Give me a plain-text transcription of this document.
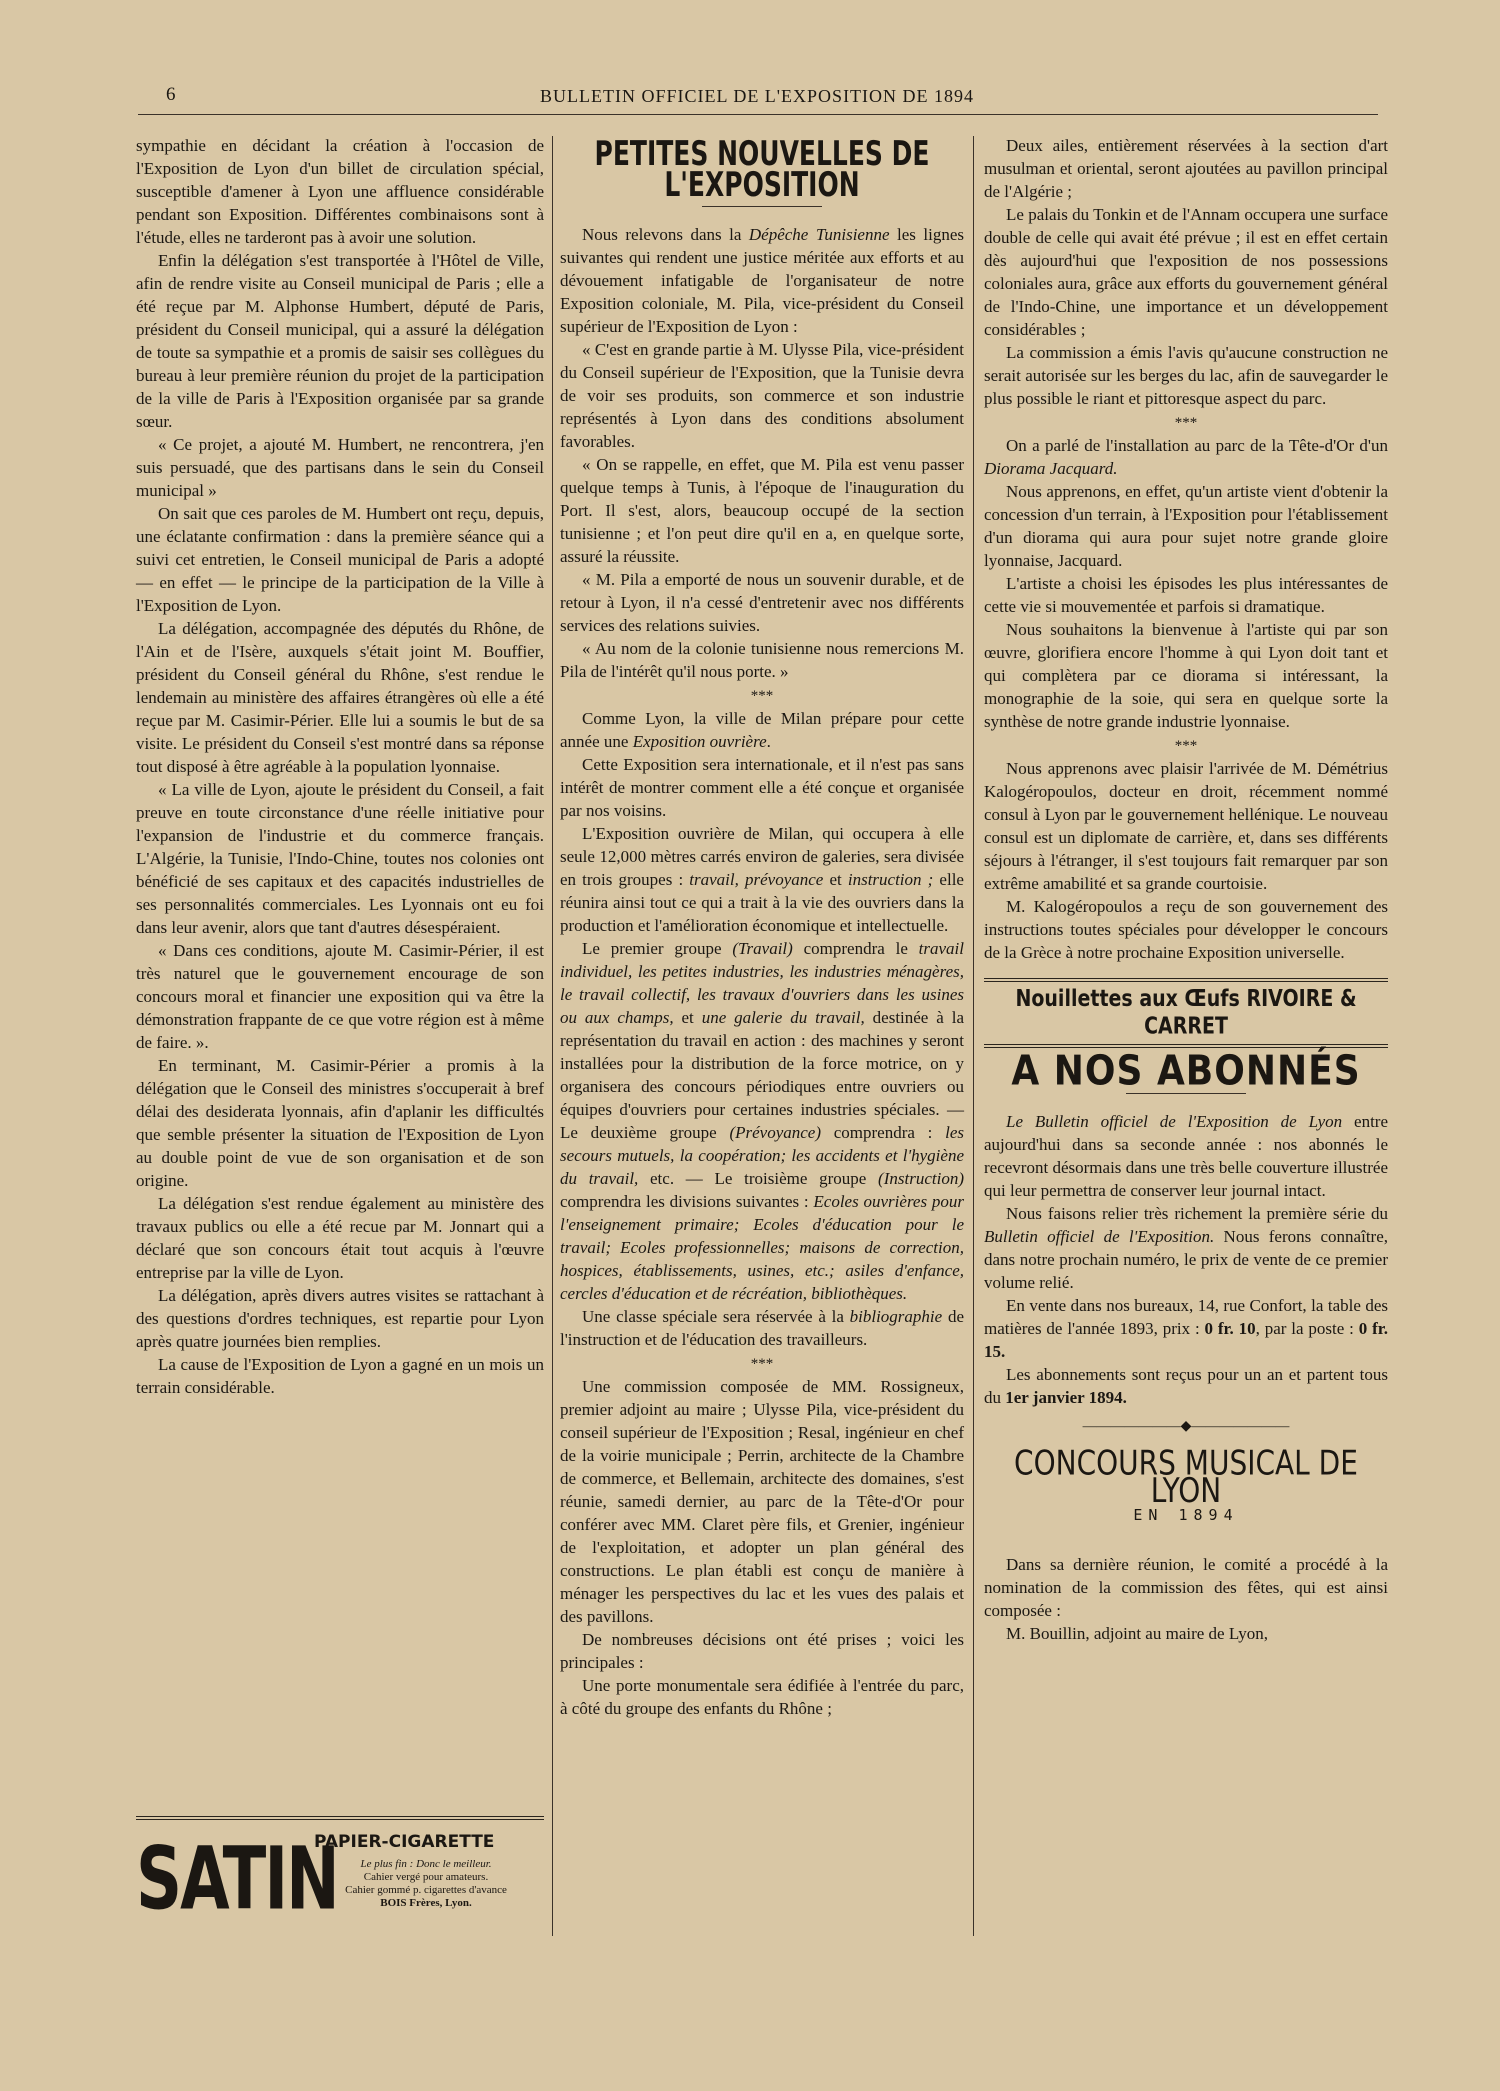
6	BULLETIN OFFICIEL DE L'EXPOSITION DE 1894

sympathie en décidant la création à l'occasion de l'Exposition de Lyon d'un billet de circulation spécial, susceptible d'amener à Lyon une affluence considérable pendant son Exposition. Différentes combinaisons sont à l'étude, elles ne tarderont pas à avoir une solution.

Enfin la délégation s'est transportée à l'Hôtel de Ville, afin de rendre visite au Conseil municipal de Paris ; elle a été reçue par M. Alphonse Humbert, député de Paris, président du Conseil municipal, qui a assuré la délégation de toute sa sympathie et a promis de saisir ses collègues du bureau à leur première réunion du projet de la participation de la ville de Paris à l'Exposition organisée par sa grande sœur.

« Ce projet, a ajouté M. Humbert, ne rencontrera, j'en suis persuadé, que des partisans dans le sein du Conseil municipal »

On sait que ces paroles de M. Humbert ont reçu, depuis, une éclatante confirmation : dans la première séance qui a suivi cet entretien, le Conseil municipal de Paris a adopté — en effet — le principe de la participation de la Ville à l'Exposition de Lyon.

La délégation, accompagnée des députés du Rhône, de l'Ain et de l'Isère, auxquels s'était joint M. Bouffier, président du Conseil général du Rhône, s'est rendue le lendemain au ministère des affaires étrangères où elle a été reçue par M. Casimir-Périer. Elle lui a soumis le but de sa visite. Le président du Conseil s'est montré dans sa réponse tout disposé à être agréable à la population lyonnaise.

« La ville de Lyon, ajoute le président du Conseil, a fait preuve en toute circonstance d'une réelle initiative pour l'expansion de l'industrie et du commerce français. L'Algérie, la Tunisie, l'Indo-Chine, toutes nos colonies ont bénéficié de ses capitaux et des capacités industrielles de ses personnalités commerciales. Les Lyonnais ont eu foi dans leur avenir, alors que tant d'autres désespéraient.

« Dans ces conditions, ajoute M. Casimir-Périer, il est très naturel que le gouvernement encourage de son concours moral et financier une exposition qui va être la démonstration frappante de ce que votre région est à même de faire. ».

En terminant, M. Casimir-Périer a promis à la délégation que le Conseil des ministres s'occuperait à bref délai des desiderata lyonnais, afin d'aplanir les difficultés que semble présenter la situation de l'Exposition de Lyon au double point de vue de son organisation et de son origine.

La délégation s'est rendue également au ministère des travaux publics ou elle a été recue par M. Jonnart qui a déclaré que son concours était tout acquis à l'œuvre entreprise par la ville de Lyon.

La délégation, après divers autres visites se rattachant à des questions d'ordres techniques, est repartie pour Lyon après quatre journées bien remplies.

La cause de l'Exposition de Lyon a gagné en un mois un terrain considérable.

SATIN
PAPIER-CIGARETTE
Le plus fin : Donc le meilleur.
Cahier vergé pour amateurs.
Cahier gommé p. cigarettes d'avance
BOIS Frères, Lyon.
PETITES NOUVELLES DE L'EXPOSITION

Nous relevons dans la Dépêche Tunisienne les lignes suivantes qui rendent une justice méritée aux efforts et au dévouement infatigable de l'organisateur de notre Exposition coloniale, M. Pila, vice-président du Conseil supérieur de l'Exposition de Lyon :

« C'est en grande partie à M. Ulysse Pila, vice-président du Conseil supérieur de l'Exposition, que la Tunisie devra de voir ses produits, son commerce et son industrie représentés à Lyon dans des conditions absolument favorables.

« On se rappelle, en effet, que M. Pila est venu passer quelque temps à Tunis, à l'époque de l'inauguration du Port. Il s'est, alors, beaucoup occupé de la section tunisienne ; et l'on peut dire qu'il en a, en quelque sorte, assuré la réussite.

« M. Pila a emporté de nous un souvenir durable, et de retour à Lyon, il n'a cessé d'entretenir avec nos différents services des relations suivies.

« Au nom de la colonie tunisienne nous remercions M. Pila de l'intérêt qu'il nous porte. »

***

Comme Lyon, la ville de Milan prépare pour cette année une Exposition ouvrière.

Cette Exposition sera internationale, et il n'est pas sans intérêt de montrer comment elle a été conçue et organisée par nos voisins.

L'Exposition ouvrière de Milan, qui occupera à elle seule 12,000 mètres carrés environ de galeries, sera divisée en trois groupes : travail, prévoyance et instruction ; elle réunira ainsi tout ce qui a trait à la vie des ouvriers dans la production et l'amélioration économique et intellectuelle.

Le premier groupe (Travail) comprendra le travail individuel, les petites industries, les industries ménagères, le travail collectif, les travaux d'ouvriers dans les usines ou aux champs, et une galerie du travail, destinée à la représentation du travail en action : des machines y seront installées pour la distribution de la force motrice, on y organisera des concours périodiques entre ouvriers ou équipes d'ouvriers pour certaines industries spéciales. — Le deuxième groupe (Prévoyance) comprendra : les secours mutuels, la coopération; les accidents et l'hygiène du travail, etc. — Le troisième groupe (Instruction) comprendra les divisions suivantes : Ecoles ouvrières pour l'enseignement primaire; Ecoles d'éducation pour le travail; Ecoles professionnelles; maisons de correction, hospices, établissements, usines, etc.; asiles d'enfance, cercles d'éducation et de récréation, bibliothèques.

Une classe spéciale sera réservée à la bibliographie de l'instruction et de l'éducation des travailleurs.

***

Une commission composée de MM. Rossigneux, premier adjoint au maire ; Ulysse Pila, vice-président du conseil supérieur de l'Exposition ; Resal, ingénieur en chef de la voirie municipale ; Perrin, architecte de la Chambre de commerce, et Bellemain, architecte des domaines, s'est réunie, samedi dernier, au parc de la Tête-d'Or pour conférer avec MM. Claret père fils, et Grenier, ingénieur de l'exploitation, et adopter un plan général des constructions. Le plan établi est conçu de manière à ménager les perspectives du lac et les vues des palais et des pavillons.

De nombreuses décisions ont été prises ; voici les principales :

Une porte monumentale sera édifiée à l'entrée du parc, à côté du groupe des enfants du Rhône ;

Deux ailes, entièrement réservées à la section d'art musulman et oriental, seront ajoutées au pavillon principal de l'Algérie ;

Le palais du Tonkin et de l'Annam occupera une surface double de celle qui avait été prévue ; il est en effet certain dès aujourd'hui que l'exposition de nos possessions coloniales aura, grâce aux efforts du gouvernement général de l'Indo-Chine, une importance et un développement considérables ;

La commission a émis l'avis qu'aucune construction ne serait autorisée sur les berges du lac, afin de sauvegarder le plus possible le riant et pittoresque aspect du parc.

***

On a parlé de l'installation au parc de la Tête-d'Or d'un Diorama Jacquard.

Nous apprenons, en effet, qu'un artiste vient d'obtenir la concession d'un terrain, à l'Exposition pour l'établissement d'un diorama qui aura pour sujet notre grande gloire lyonnaise, Jacquard.

L'artiste a choisi les épisodes les plus intéressantes de cette vie si mouvementée et parfois si dramatique.

Nous souhaitons la bienvenue à l'artiste qui par son œuvre, glorifiera encore l'homme à qui Lyon doit tant et qui complètera par ce diorama si intéressant, la monographie de la soie, qui sera en quelque sorte la synthèse de notre grande industrie lyonnaise.

***

Nous apprenons avec plaisir l'arrivée de M. Démétrius Kalogéropoulos, docteur en droit, récemment nommé consul à Lyon par le gouvernement hellénique. Le nouveau consul est un diplomate de carrière, et, dans ses différents séjours à l'étranger, il s'est toujours fait remarquer par son extrême amabilité et sa grande courtoisie.

M. Kalogéropoulos a reçu de son gouvernement des instructions toutes spéciales pour développer le concours de la Grèce à notre prochaine Exposition universelle.

Nouillettes aux Œufs RIVOIRE & CARRET
A NOS ABONNÉS

Le Bulletin officiel de l'Exposition de Lyon entre aujourd'hui dans sa seconde année : nos abonnés le recevront désormais dans une très belle couverture illustrée qui leur permettra de conserver leur journal intact.

Nous faisons relier très richement la première série du Bulletin officiel de l'Exposition. Nous ferons connaître, dans notre prochain numéro, le prix de vente de ce premier volume relié.

En vente dans nos bureaux, 14, rue Confort, la table des matières de l'année 1893, prix : 0 fr. 10, par la poste : 0 fr. 15.

Les abonnements sont reçus pour un an et partent tous du 1er janvier 1894.

———————◆———————
CONCOURS MUSICAL DE LYON
EN 1894

Dans sa dernière réunion, le comité a procédé à la nomination de la commission des fêtes, qui est ainsi composée :

M. Bouillin, adjoint au maire de Lyon,
